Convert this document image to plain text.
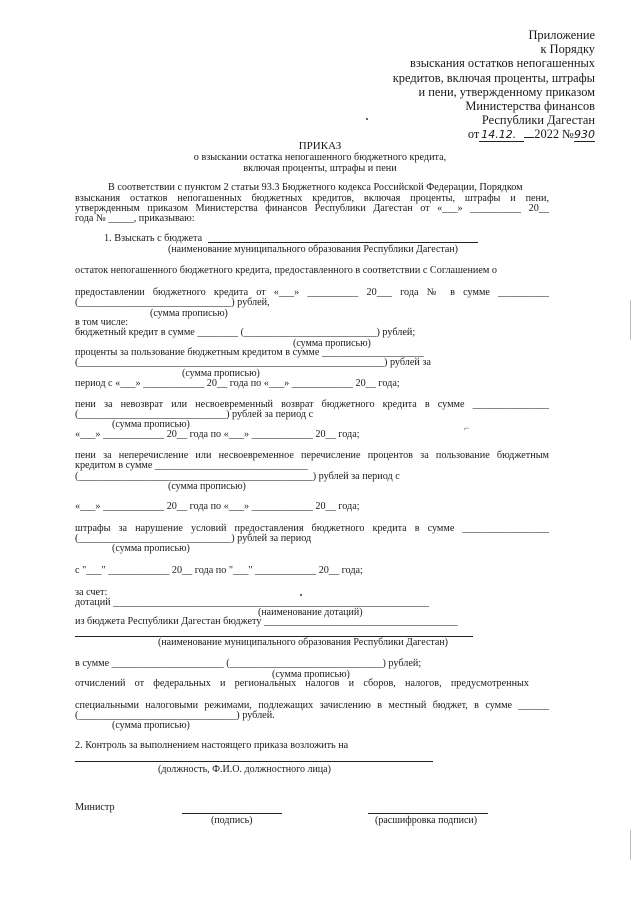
Приложение
к Порядку
взыскания остатков непогашенных
кредитов, включая проценты, штрафы
и пени, утвержденному приказом
Министерства финансов
Республики Дагестан
от 14.12. 2022 №930
ПРИКАЗ
о взыскании остатка непогашенного бюджетного кредита,
включая проценты, штрафы и пени
В соответствии с пунктом 2 статьи 93.3 Бюджетного кодекса Российской Федерации, Порядком
взыскания остатков непогашенных бюджетных кредитов, включая проценты, штрафы и пени,
утвержденным приказом Министерства финансов Республики Дагестан от «___» __________ 20__
года № _____, приказываю:
1. Взыскать с бюджета
(наименование муниципального образования Республики Дагестан)
остаток непогашенного бюджетного кредита, предоставленного в соответствии с Соглашением о
предоставлении бюджетного кредита от «___» __________ 20___ года № в сумме __________
(______________________________) рублей,
(сумма прописью)
в том числе:
бюджетный кредит в сумме ________ (__________________________) рублей;
(сумма прописью)
проценты за пользование бюджетным кредитом в сумме ____________________
(____________________________________________________________) рублей за
(сумма прописью)
период с «___» ____________ 20__ года по «___» ____________ 20__ года;
пени за невозврат или несвоевременный возврат бюджетного кредита в сумме _______________
(_____________________________) рублей за период с
⌐
(сумма прописью)
«___» ____________ 20__ года по «___» ____________ 20__ года;
пени за неперечисление или несвоевременное перечисление процентов за пользование бюджетным
кредитом в сумме ______________________________
(______________________________________________) рублей за период с
(сумма прописью)
«___» ____________ 20__ года по «___» ____________ 20__ года;
штрафы за нарушение условий предоставления бюджетного кредита в сумме _________________
(______________________________) рублей за период
(сумма прописью)
с "___" ____________ 20__ года по "___" ____________ 20__ года;
за счет:
дотаций ______________________________________________________________
(наименование дотаций)
из бюджета Республики Дагестан бюджету ______________________________________
(наименование муниципального образования Республики Дагестан)
в сумме ______________________ (______________________________) рублей;
(сумма прописью)
отчислений от федеральных и региональных налогов и сборов, налогов, предусмотренных
специальными налоговыми режимами, подлежащих зачислению в местный бюджет, в сумме ______
(_______________________________) рублей.
(сумма прописью)
2. Контроль за выполнением настоящего приказа возложить на
(должность, Ф.И.О. должностного лица)
Министр
(подпись)	(расшифровка подписи)
